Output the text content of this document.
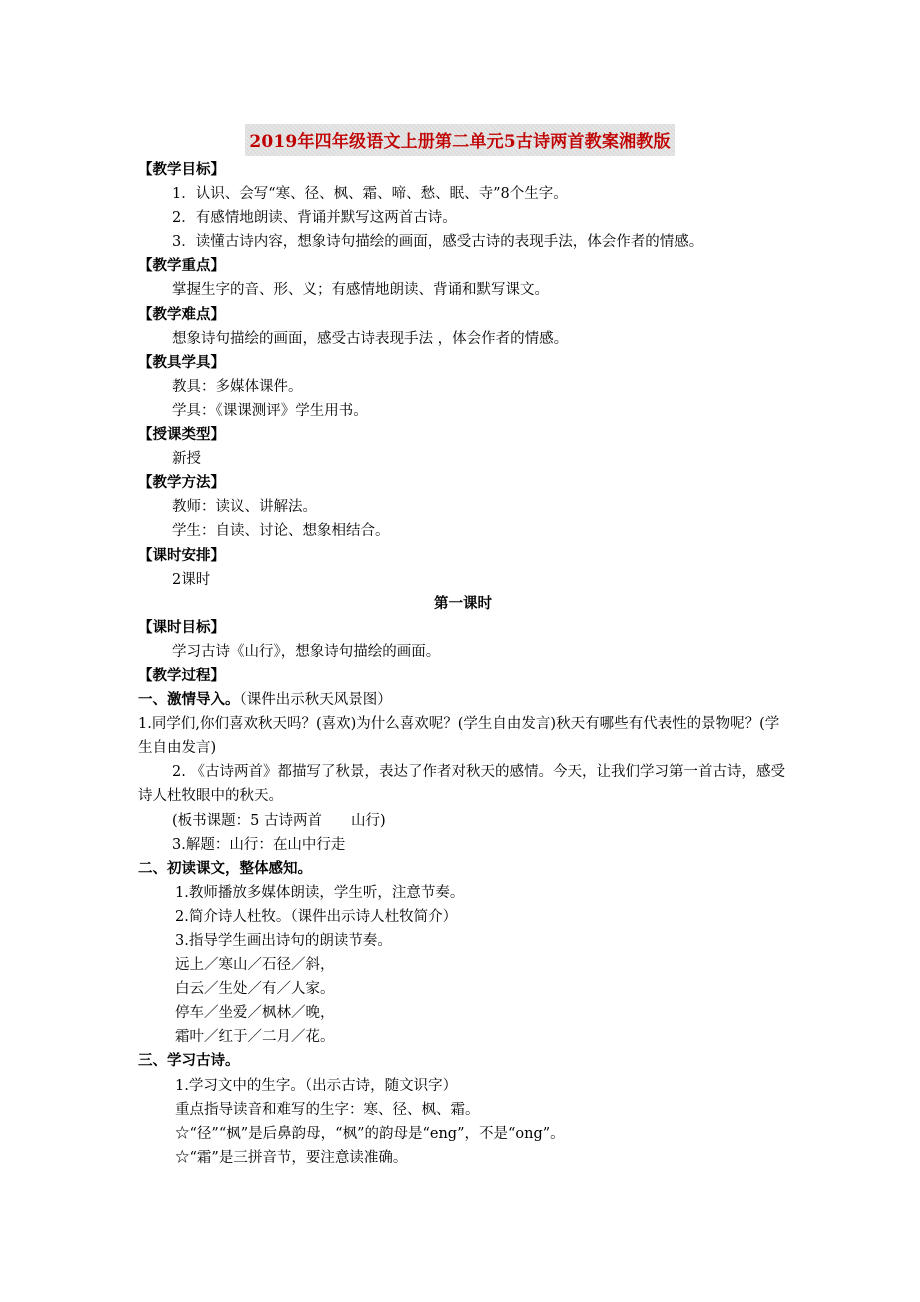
2019年四年级语文上册第二单元5古诗两首教案湘教版
【教学目标】
1．认识、会写“寒、径、枫、霜、啼、愁、眠、寺”8个生字。
2．有感情地朗读、背诵并默写这两首古诗。
3．读懂古诗内容，想象诗句描绘的画面，感受古诗的表现手法，体会作者的情感。
【教学重点】
掌握生字的音、形、义；有感情地朗读、背诵和默写课文。
【教学难点】
想象诗句描绘的画面，感受古诗表现手法 ，体会作者的情感。
【教具学具】
教具：多媒体课件。
学具：《课课测评》学生用书。
【授课类型】
新授
【教学方法】
教师：读议、讲解法。
学生：自读、讨论、想象相结合。
【课时安排】
2课时
第一课时
【课时目标】
学习古诗《山行》，想象诗句描绘的画面。
【教学过程】
一、激情导入。（课件出示秋天风景图）
1.同学们,你们喜欢秋天吗？(喜欢)为什么喜欢呢？(学生自由发言)秋天有哪些有代表性的景物呢？(学生自由发言)
2. 《古诗两首》都描写了秋景，表达了作者对秋天的感情。今天，让我们学习第一首古诗，感受诗人杜牧眼中的秋天。
(板书课题：5 古诗两首　　山行)
3.解题：山行：在山中行走
二、初读课文，整体感知。
1.教师播放多媒体朗读，学生听，注意节奏。
2.简介诗人杜牧。（课件出示诗人杜牧简介）
3.指导学生画出诗句的朗读节奏。
远上／寒山／石径／斜，
白云／生处／有／人家。
停车／坐爱／枫林／晚，
霜叶／红于／二月／花。
三、学习古诗。
1.学习文中的生字。（出示古诗，随文识字）
重点指导读音和难写的生字：寒、径、枫、霜。
☆“径”“枫”是后鼻韵母，“枫”的韵母是“eng”，不是“ong”。
☆“霜”是三拼音节，要注意读准确。
